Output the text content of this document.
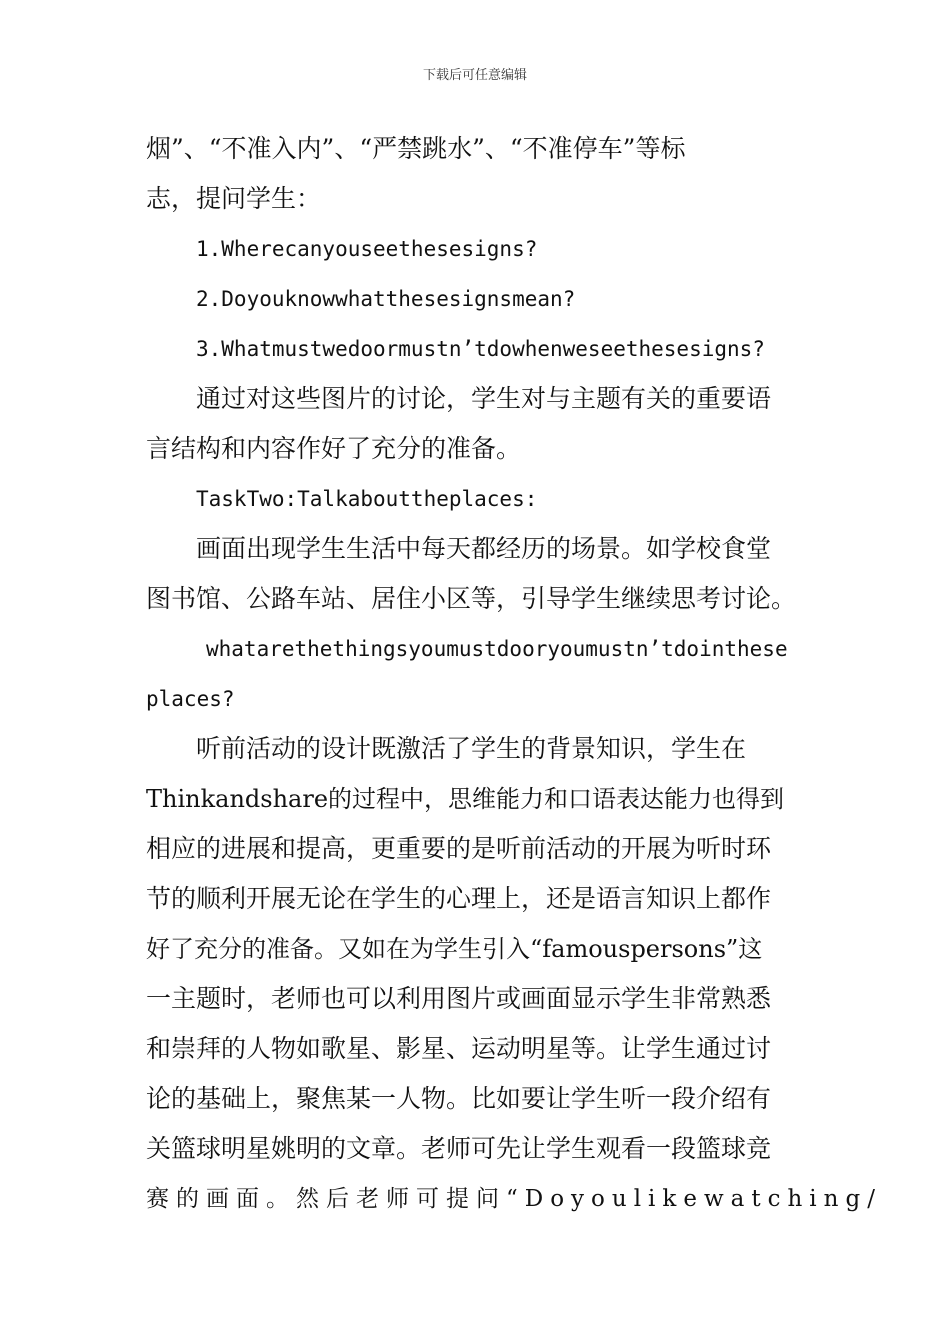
下载后可任意编辑
烟”、“不准入内”、“严禁跳水”、“不准停车”等标
志，提问学生：
1.Wherecanyouseethesesigns?
2.Doyouknowwhatthesesignsmean?
3.Whatmustwedoormustn’tdowhenweseethesesigns?
通过对这些图片的讨论，学生对与主题有关的重要语
言结构和内容作好了充分的准备。
TaskTwo:Talkabouttheplaces:
画面出现学生生活中每天都经历的场景。如学校食堂
图书馆、公路车站、居住小区等，引导学生继续思考讨论。
whatarethethingsyoumustdooryoumustn’tdointhese
places?
听前活动的设计既激活了学生的背景知识，学生在
Thinkandshare的过程中，思维能力和口语表达能力也得到
相应的进展和提高，更重要的是听前活动的开展为听时环
节的顺利开展无论在学生的心理上，还是语言知识上都作
好了充分的准备。又如在为学生引入“famouspersons”这
一主题时，老师也可以利用图片或画面显示学生非常熟悉
和崇拜的人物如歌星、影星、运动明星等。让学生通过讨
论的基础上，聚焦某一人物。比如要让学生听一段介绍有
关篮球明星姚明的文章。老师可先让学生观看一段篮球竞
赛的画面。然后老师可提问“Doyoulikewatching/
